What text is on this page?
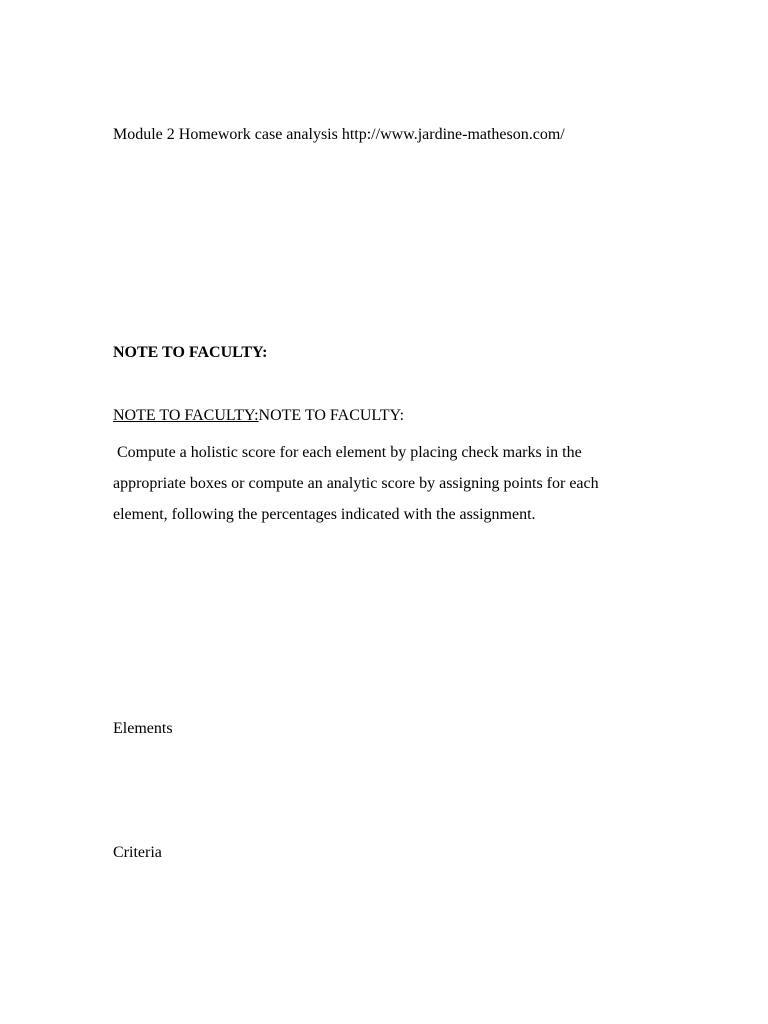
Module 2 Homework case analysis http://www.jardine-matheson.com/
NOTE TO FACULTY:
NOTE TO FACULTY:NOTE TO FACULTY:
Compute a holistic score for each element by placing check marks in the
appropriate boxes or compute an analytic score by assigning points for each
element, following the percentages indicated with the assignment.
Elements
Criteria
